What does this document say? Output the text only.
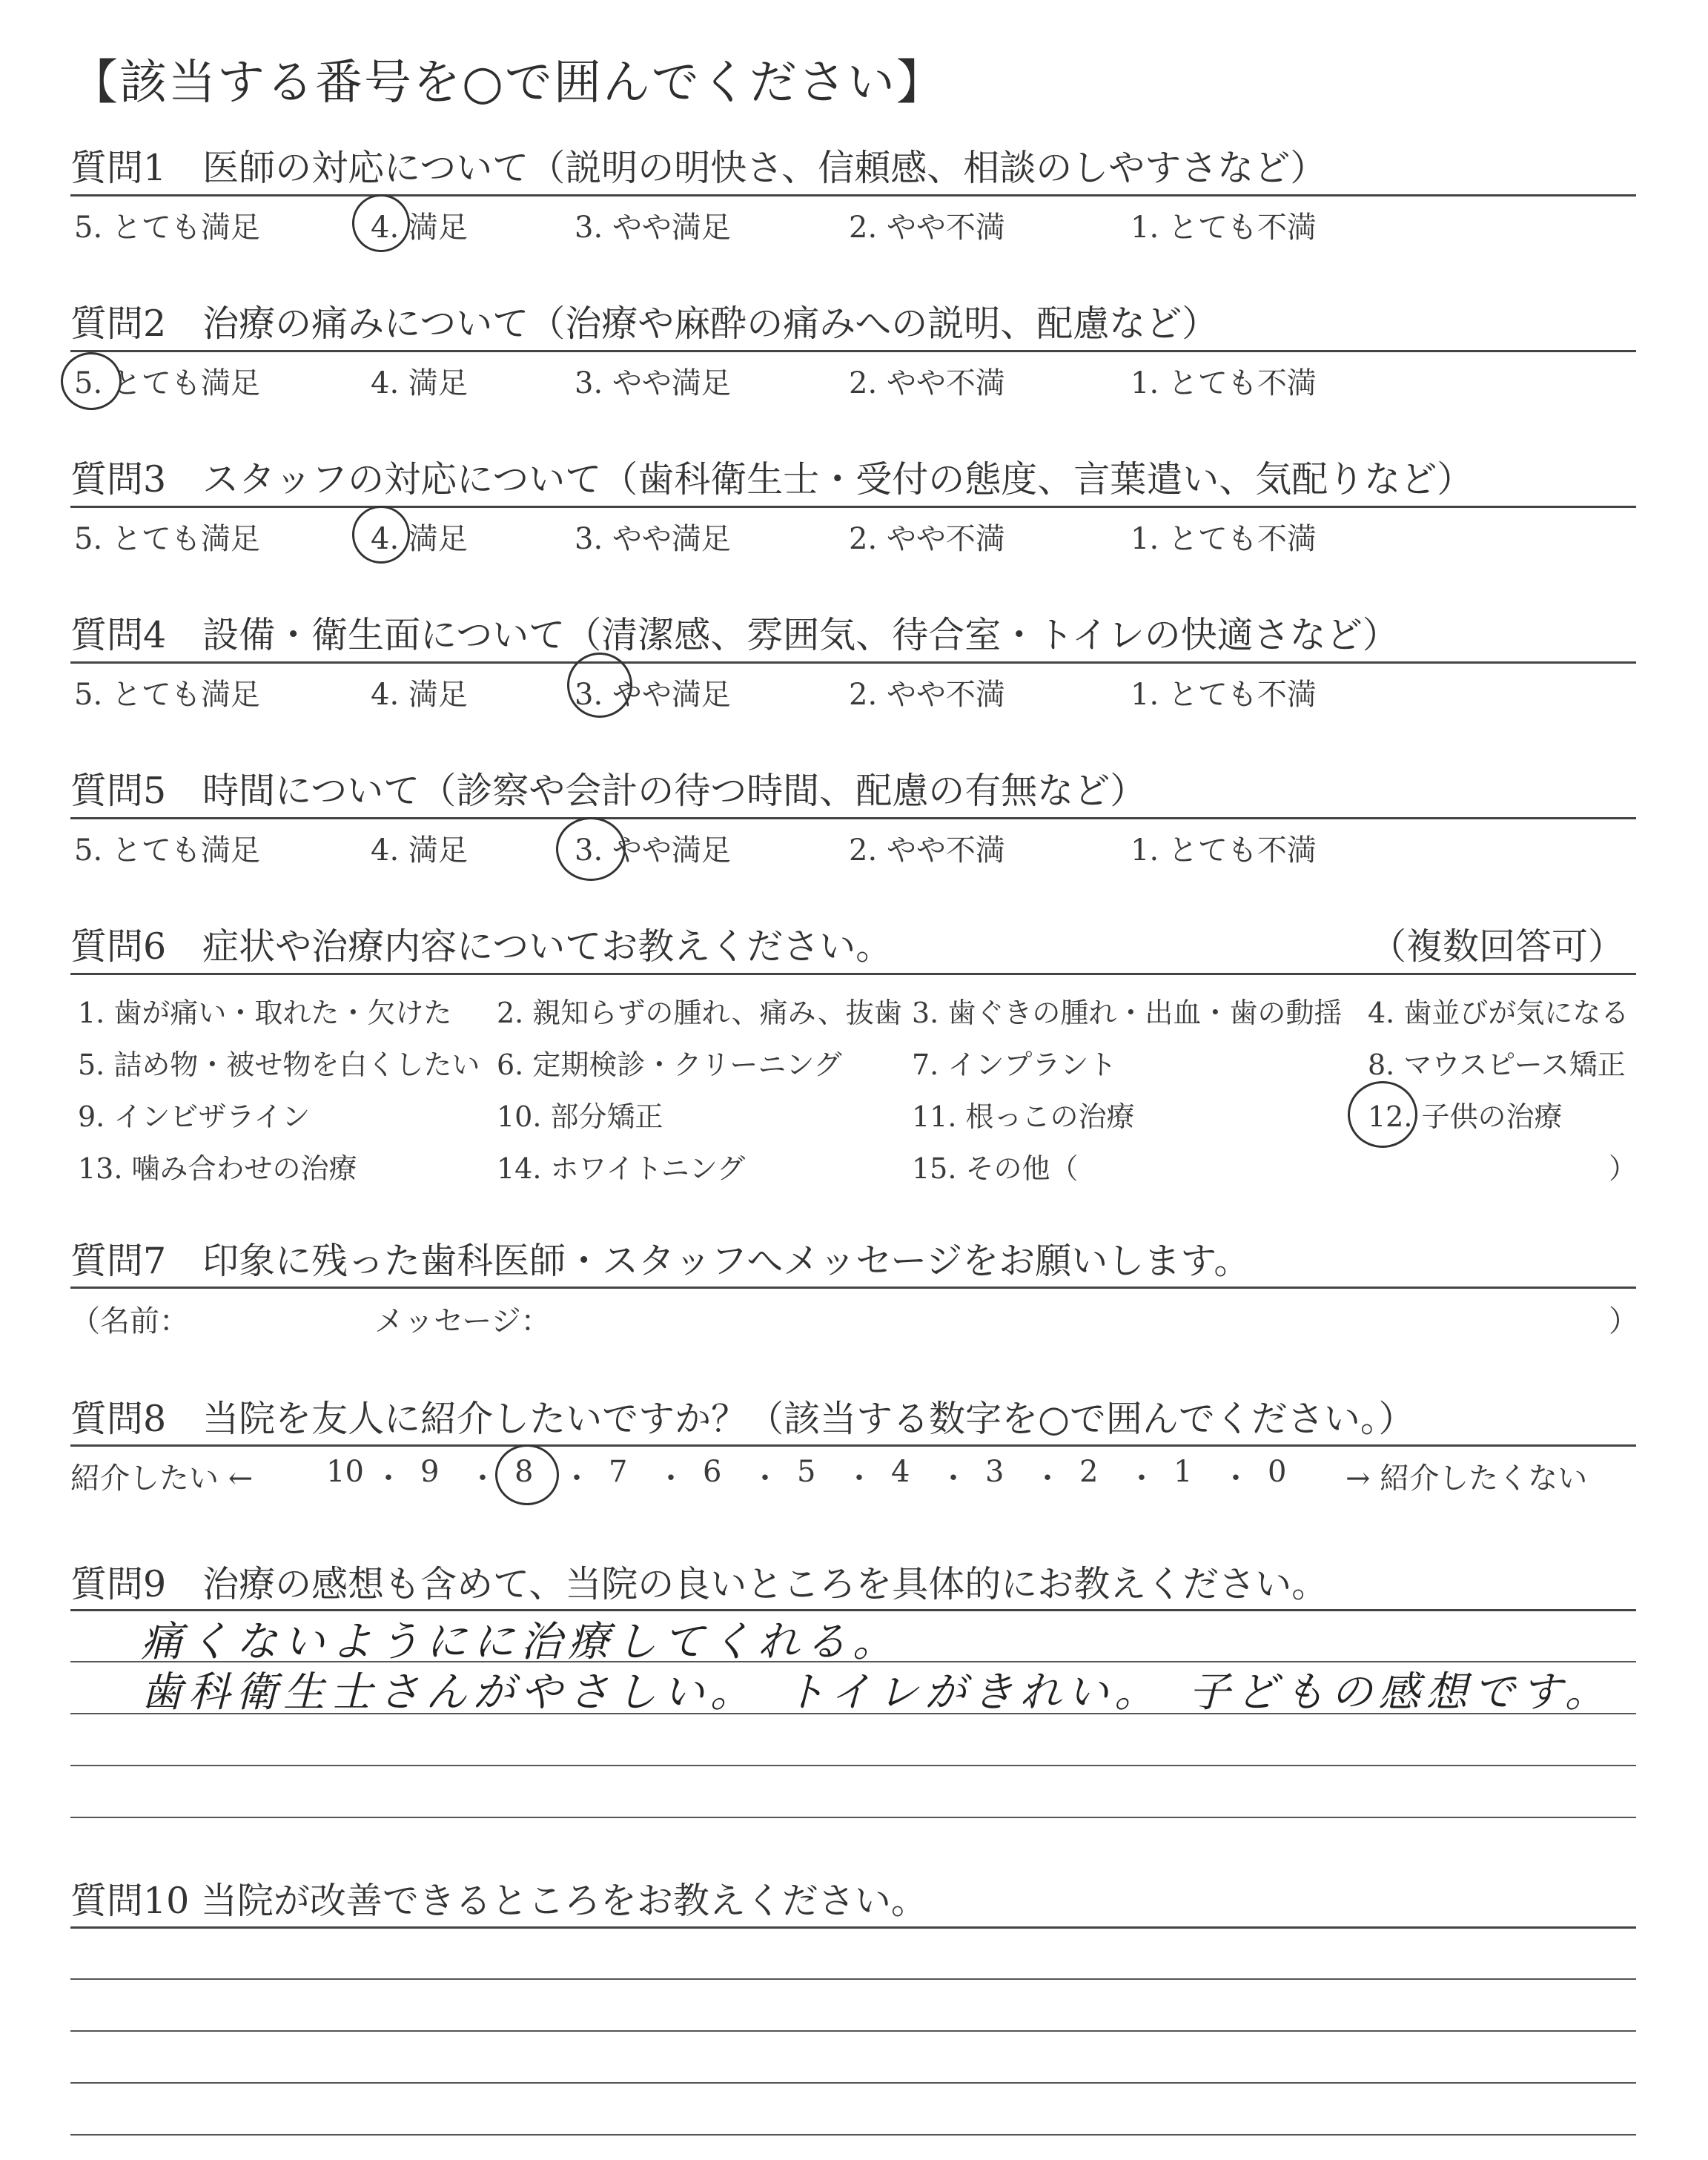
【該当する番号を○で囲んでください】
質問1　医師の対応について（説明の明快さ、信頼感、相談のしやすさなど）
5. とても満足	4. 満足	3. やや満足	2. やや不満	1. とても不満
質問2　治療の痛みについて（治療や麻酔の痛みへの説明、配慮など）
5. とても満足	4. 満足	3. やや満足	2. やや不満	1. とても不満
質問3　スタッフの対応について（歯科衛生士・受付の態度、言葉遣い、気配りなど）
5. とても満足	4. 満足	3. やや満足	2. やや不満	1. とても不満
質問4　設備・衛生面について（清潔感、雰囲気、待合室・トイレの快適さなど）
5. とても満足	4. 満足	3. やや満足	2. やや不満	1. とても不満
質問5　時間について（診察や会計の待つ時間、配慮の有無など）
5. とても満足	4. 満足	3. やや満足	2. やや不満	1. とても不満
質問6　症状や治療内容についてお教えください。	（複数回答可）
1. 歯が痛い・取れた・欠けた 2. 親知らずの腫れ、痛み、抜歯 3. 歯ぐきの腫れ・出血・歯の動揺 4. 歯並びが気になる
5. 詰め物・被せ物を白くしたい 6. 定期検診・クリーニング 7. インプラント	8. マウスピース矯正
9. インビザライン	10. 部分矯正	11. 根っこの治療	12. 子供の治療
13. 噛み合わせの治療	14. ホワイトニング	15. その他（	）
質問7　印象に残った歯科医師・スタッフへメッセージをお願いします。
（名前：	メッセージ：	）
質問8　当院を友人に紹介したいですか？（該当する数字を○で囲んでください。）
紹介したい ← 10 ・ 9 ・ 8 ・ 7 ・ 6 ・ 5 ・ 4 ・ 3 ・ 2 ・ 1 ・ 0 → 紹介したくない
質問9　治療の感想も含めて、当院の良いところを具体的にお教えください。
痛くないようにに治療してくれる。
歯科衛生士さんがやさしい。　トイレがきれい。　子どもの感想です。
質問10 当院が改善できるところをお教えください。
